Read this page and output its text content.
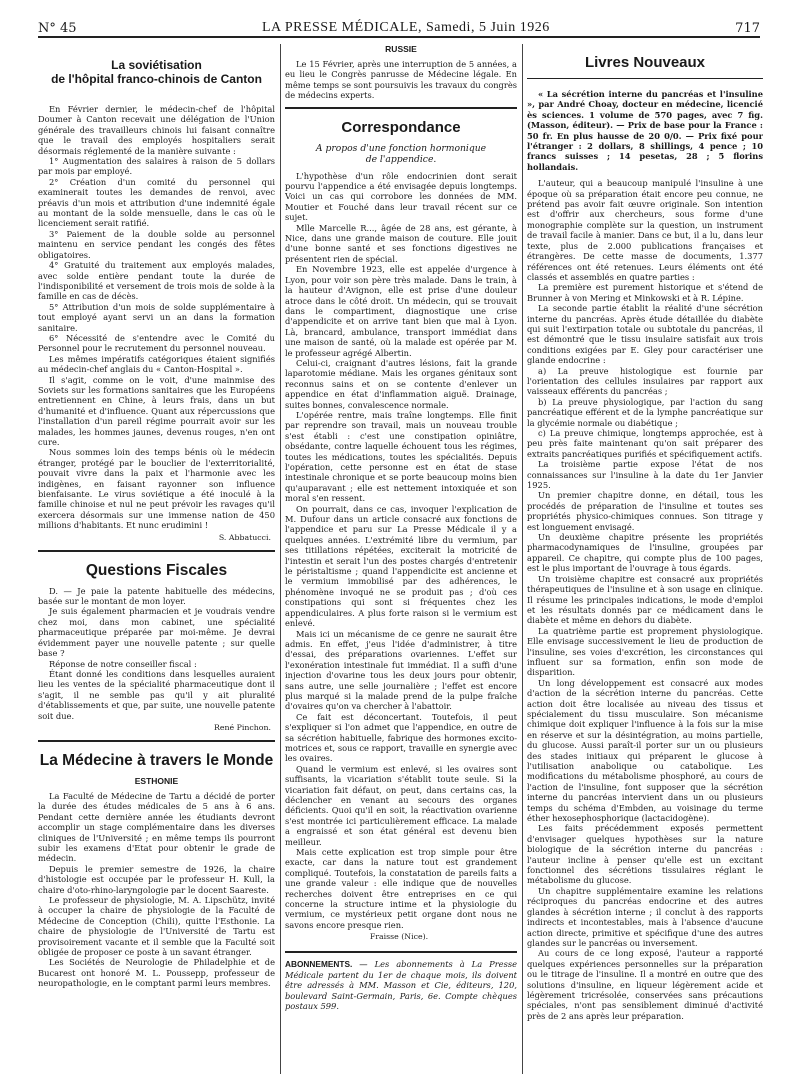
N° 45	LA PRESSE MÉDICALE, Samedi, 5 Juin 1926	717
La soviétisation
de l'hôpital franco-chinois de Canton

En Février dernier, le médecin-chef de l'hôpital Doumer à Canton recevait une délégation de l'Union générale des travailleurs chinois lui faisant connaître que le travail des employés hospitaliers serait désormais réglementé de la manière suivante :

1° Augmentation des salaires à raison de 5 dollars par mois par employé.

2° Création d'un comité du personnel qui examinerait toutes les demandes de renvoi, avec préavis d'un mois et attribution d'une indemnité égale au montant de la solde mensuelle, dans le cas où le licenciement serait ratifié.

3° Paiement de la double solde au personnel maintenu en service pendant les congés des fêtes obligatoires.

4° Gratuité du traitement aux employés malades, avec solde entière pendant toute la durée de l'indisponibilité et versement de trois mois de solde à la famille en cas de décès.

5° Attribution d'un mois de solde supplémentaire à tout employé ayant servi un an dans la formation sanitaire.

6° Nécessité de s'entendre avec le Comité du Personnel pour le recrutement du personnel nouveau.

Les mêmes impératifs catégoriques étaient signifiés au médecin-chef anglais du « Canton-Hospital ».

Il s'agit, comme on le voit, d'une mainmise des Soviets sur les formations sanitaires que les Européens entretiennent en Chine, à leurs frais, dans un but d'humanité et d'influence. Quant aux répercussions que l'installation d'un pareil régime pourrait avoir sur les malades, les hommes jaunes, devenus rouges, n'en ont cure.

Nous sommes loin des temps bénis où le médecin étranger, protégé par le bouclier de l'exterritorialité, pouvait vivre dans la paix et l'harmonie avec les indigènes, en faisant rayonner son influence bienfaisante. Le virus soviétique a été inoculé à la famille chinoise et nul ne peut prévoir les ravages qu'il exercera désormais sur une immense nation de 450 millions d'habitants. Et nunc erudimini !

S. Abbatucci.
Questions Fiscales

D. — Je paie la patente habituelle des médecins, basée sur le montant de mon loyer.

Je suis également pharmacien et je voudrais vendre chez moi, dans mon cabinet, une spécialité pharmaceutique préparée par moi-même. Je devrai évidemment payer une nouvelle patente ; sur quelle base ?

Réponse de notre conseiller fiscal :

Étant donné les conditions dans lesquelles auraient lieu les ventes de la spécialité pharmaceutique dont il s'agit, il ne semble pas qu'il y ait pluralité d'établissements et que, par suite, une nouvelle patente soit due.

René Pinchon.
La Médecine à travers le Monde
ESTHONIE

La Faculté de Médecine de Tartu a décidé de porter la durée des études médicales de 5 ans à 6 ans. Pendant cette dernière année les étudiants devront accomplir un stage complémentaire dans les diverses cliniques de l'Université ; en même temps ils pourront subir les examens d'Etat pour obtenir le grade de médecin.

Depuis le premier semestre de 1926, la chaire d'histologie est occupée par le professeur H. Kull, la chaire d'oto-rhino-laryngologie par le docent Saareste.

Le professeur de physiologie, M. A. Lipschütz, invité à occuper la chaire de physiologie de la Faculté de Médecine de Conception (Chili), quitte l'Esthonie. La chaire de physiologie de l'Université de Tartu est provisoirement vacante et il semble que la Faculté soit obligée de proposer ce poste à un savant étranger.

Les Sociétés de Neurologie de Philadelphie et de Bucarest ont honoré M. L. Poussepp, professeur de neuropathologie, en le comptant parmi leurs membres.

RUSSIE

Le 15 Février, après une interruption de 5 années, a eu lieu le Congrès panrusse de Médecine légale. En même temps se sont poursuivis les travaux du congrès de médecins experts.

Correspondance
A propos d'une fonction hormonique
de l'appendice.

L'hypothèse d'un rôle endocrinien dont serait pourvu l'appendice a été envisagée depuis longtemps. Voici un cas qui corrobore les données de MM. Moutier et Fouché dans leur travail récent sur ce sujet.

Mlle Marcelle R..., âgée de 28 ans, est gérante, à Nice, dans une grande maison de couture. Elle jouit d'une bonne santé et ses fonctions digestives ne présentent rien de spécial.

En Novembre 1923, elle est appelée d'urgence à Lyon, pour voir son père très malade. Dans le train, à la hauteur d'Avignon, elle est prise d'une douleur atroce dans le côté droit. Un médecin, qui se trouvait dans le compartiment, diagnostique une crise d'appendicite et on arrive tant bien que mal à Lyon. Là, brancard, ambulance, transport immédiat dans une maison de santé, où la malade est opérée par M. le professeur agrégé Albertin.

Celui-ci, craignant d'autres lésions, fait la grande laparotomie médiane. Mais les organes génitaux sont reconnus sains et on se contente d'enlever un appendice en état d'inflammation aiguë. Drainage, suites bonnes, convalescence normale.

L'opérée rentre, mais traîne longtemps. Elle finit par reprendre son travail, mais un nouveau trouble s'est établi : c'est une constipation opiniâtre, obsédante, contre laquelle échouent tous les régimes, toutes les médications, toutes les spécialités. Depuis l'opération, cette personne est en état de stase intestinale chronique et se porte beaucoup moins bien qu'auparavant ; elle est nettement intoxiquée et son moral s'en ressent.

On pourrait, dans ce cas, invoquer l'explication de M. Dufour dans un article consacré aux fonctions de l'appendice et paru sur La Presse Médicale il y a quelques années. L'extrémité libre du vermium, par ses titillations répétées, exciterait la motricité de l'intestin et serait l'un des postes chargés d'entretenir le péristaltisme ; quand l'appendicite est ancienne et le vermium immobilisé par des adhérences, le phénomène invoqué ne se produit pas ; d'où ces constipations qui sont si fréquentes chez les appendiculaires. A plus forte raison si le vermium est enlevé.

Mais ici un mécanisme de ce genre ne saurait être admis. En effet, j'eus l'idée d'administrer, à titre d'essai, des préparations ovariennes. L'effet sur l'exonération intestinale fut immédiat. Il a suffi d'une injection d'ovarine tous les deux jours pour obtenir, sans autre, une selle journalière ; l'effet est encore plus marqué si la malade prend de la pulpe fraîche d'ovaires qu'on va chercher à l'abattoir.

Ce fait est déconcertant. Toutefois, il peut s'expliquer si l'on admet que l'appendice, en outre de sa sécrétion habituelle, fabrique des hormones excito-motrices et, sous ce rapport, travaille en synergie avec les ovaires.

Quand le vermium est enlevé, si les ovaires sont suffisants, la vicariation s'établit toute seule. Si la vicariation fait défaut, on peut, dans certains cas, la déclencher en venant au secours des organes déficients. Quoi qu'il en soit, la réactivation ovarienne s'est montrée ici particulièrement efficace. La malade a engraissé et son état général est devenu bien meilleur.

Mais cette explication est trop simple pour être exacte, car dans la nature tout est grandement compliqué. Toutefois, la constatation de pareils faits a une grande valeur : elle indique que de nouvelles recherches doivent être entreprises en ce qui concerne la structure intime et la physiologie du vermium, ce mystérieux petit organe dont nous ne savons encore presque rien.

Fraisse (Nice).
ABONNEMENTS. — Les abonnements à La Presse Médicale partent du 1er de chaque mois, ils doivent être adressés à MM. Masson et Cie, éditeurs, 120, boulevard Saint-Germain, Paris, 6e. Compte chèques postaux 599.
Livres Nouveaux

« La sécrétion interne du pancréas et l'insuline », par André Choay, docteur en médecine, licencié ès sciences. 1 volume de 570 pages, avec 7 fig. (Masson, éditeur). — Prix de base pour la France : 50 fr. En plus hausse de 20 0/0. — Prix fixé pour l'étranger : 2 dollars, 8 shillings, 4 pence ; 10 francs suisses ; 14 pesetas, 28 ; 5 florins hollandais.

L'auteur, qui a beaucoup manipulé l'insuline à une époque où sa préparation était encore peu connue, ne prétend pas avoir fait œuvre originale. Son intention est d'offrir aux chercheurs, sous forme d'une monographie complète sur la question, un instrument de travail facile à manier. Dans ce but, il a lu, dans leur texte, plus de 2.000 publications françaises et étrangères. De cette masse de documents, 1.377 références ont été retenues. Leurs éléments ont été classés et assemblés en quatre parties :

La première est purement historique et s'étend de Brunner à von Mering et Minkowski et à R. Lépine.

La seconde partie établit la réalité d'une sécrétion interne du pancréas. Après étude détaillée du diabète qui suit l'extirpation totale ou subtotale du pancréas, il est démontré que le tissu insulaire satisfait aux trois conditions exigées par E. Gley pour caractériser une glande endocrine :

a) La preuve histologique est fournie par l'orientation des cellules insulaires par rapport aux vaisseaux efférents du pancréas ;

b) La preuve physiologique, par l'action du sang pancréatique efférent et de la lymphe pancréatique sur la glycémie normale ou diabétique ;

c) La preuve chimique, longtemps approchée, est à peu près faite maintenant qu'on sait préparer des extraits pancréatiques purifiés et spécifiquement actifs.

La troisième partie expose l'état de nos connaissances sur l'insuline à la date du 1er Janvier 1925.

Un premier chapitre donne, en détail, tous les procédés de préparation de l'insuline et toutes ses propriétés physico-chimiques connues. Son titrage y est longuement envisagé.

Un deuxième chapitre présente les propriétés pharmacodynamiques de l'insuline, groupées par appareil. Ce chapitre, qui compte plus de 100 pages, est le plus important de l'ouvrage à tous égards.

Un troisième chapitre est consacré aux propriétés thérapeutiques de l'insuline et à son usage en clinique. Il résume les principales indications, le mode d'emploi et les résultats donnés par ce médicament dans le diabète et même en dehors du diabète.

La quatrième partie est proprement physiologique. Elle envisage successivement le lieu de production de l'insuline, ses voies d'excrétion, les circonstances qui influent sur sa formation, enfin son mode de disparition.

Un long développement est consacré aux modes d'action de la sécrétion interne du pancréas. Cette action doit être localisée au niveau des tissus et spécialement du tissu musculaire. Son mécanisme chimique doit expliquer l'influence à la fois sur la mise en réserve et sur la désintégration, au moins partielle, du glucose. Aussi paraît-il porter sur un ou plusieurs des stades initiaux qui préparent le glucose à l'utilisation anabolique ou catabolique. Les modifications du métabolisme phosphoré, au cours de l'action de l'insuline, font supposer que la sécrétion interne du pancréas intervient dans un ou plusieurs temps du schéma d'Embden, au voisinage du terme éther hexosephosphorique (lactacidogène).

Les faits précédemment exposés permettent d'envisager quelques hypothèses sur la nature biologique de la sécrétion interne du pancréas : l'auteur incline à penser qu'elle est un excitant fonctionnel des sécrétions tissulaires réglant le métabolisme du glucose.

Un chapitre supplémentaire examine les relations réciproques du pancréas endocrine et des autres glandes à sécrétion interne ; il conclut à des rapports indirects et incontestables, mais à l'absence d'aucune action directe, primitive et spécifique d'une des autres glandes sur le pancréas ou inversement.

Au cours de ce long exposé, l'auteur a rapporté quelques expériences personnelles sur la préparation ou le titrage de l'insuline. Il a montré en outre que des solutions d'insuline, en liqueur légèrement acide et légèrement tricrésolée, conservées sans précautions spéciales, n'ont pas sensiblement diminué d'activité près de 2 ans après leur préparation.
